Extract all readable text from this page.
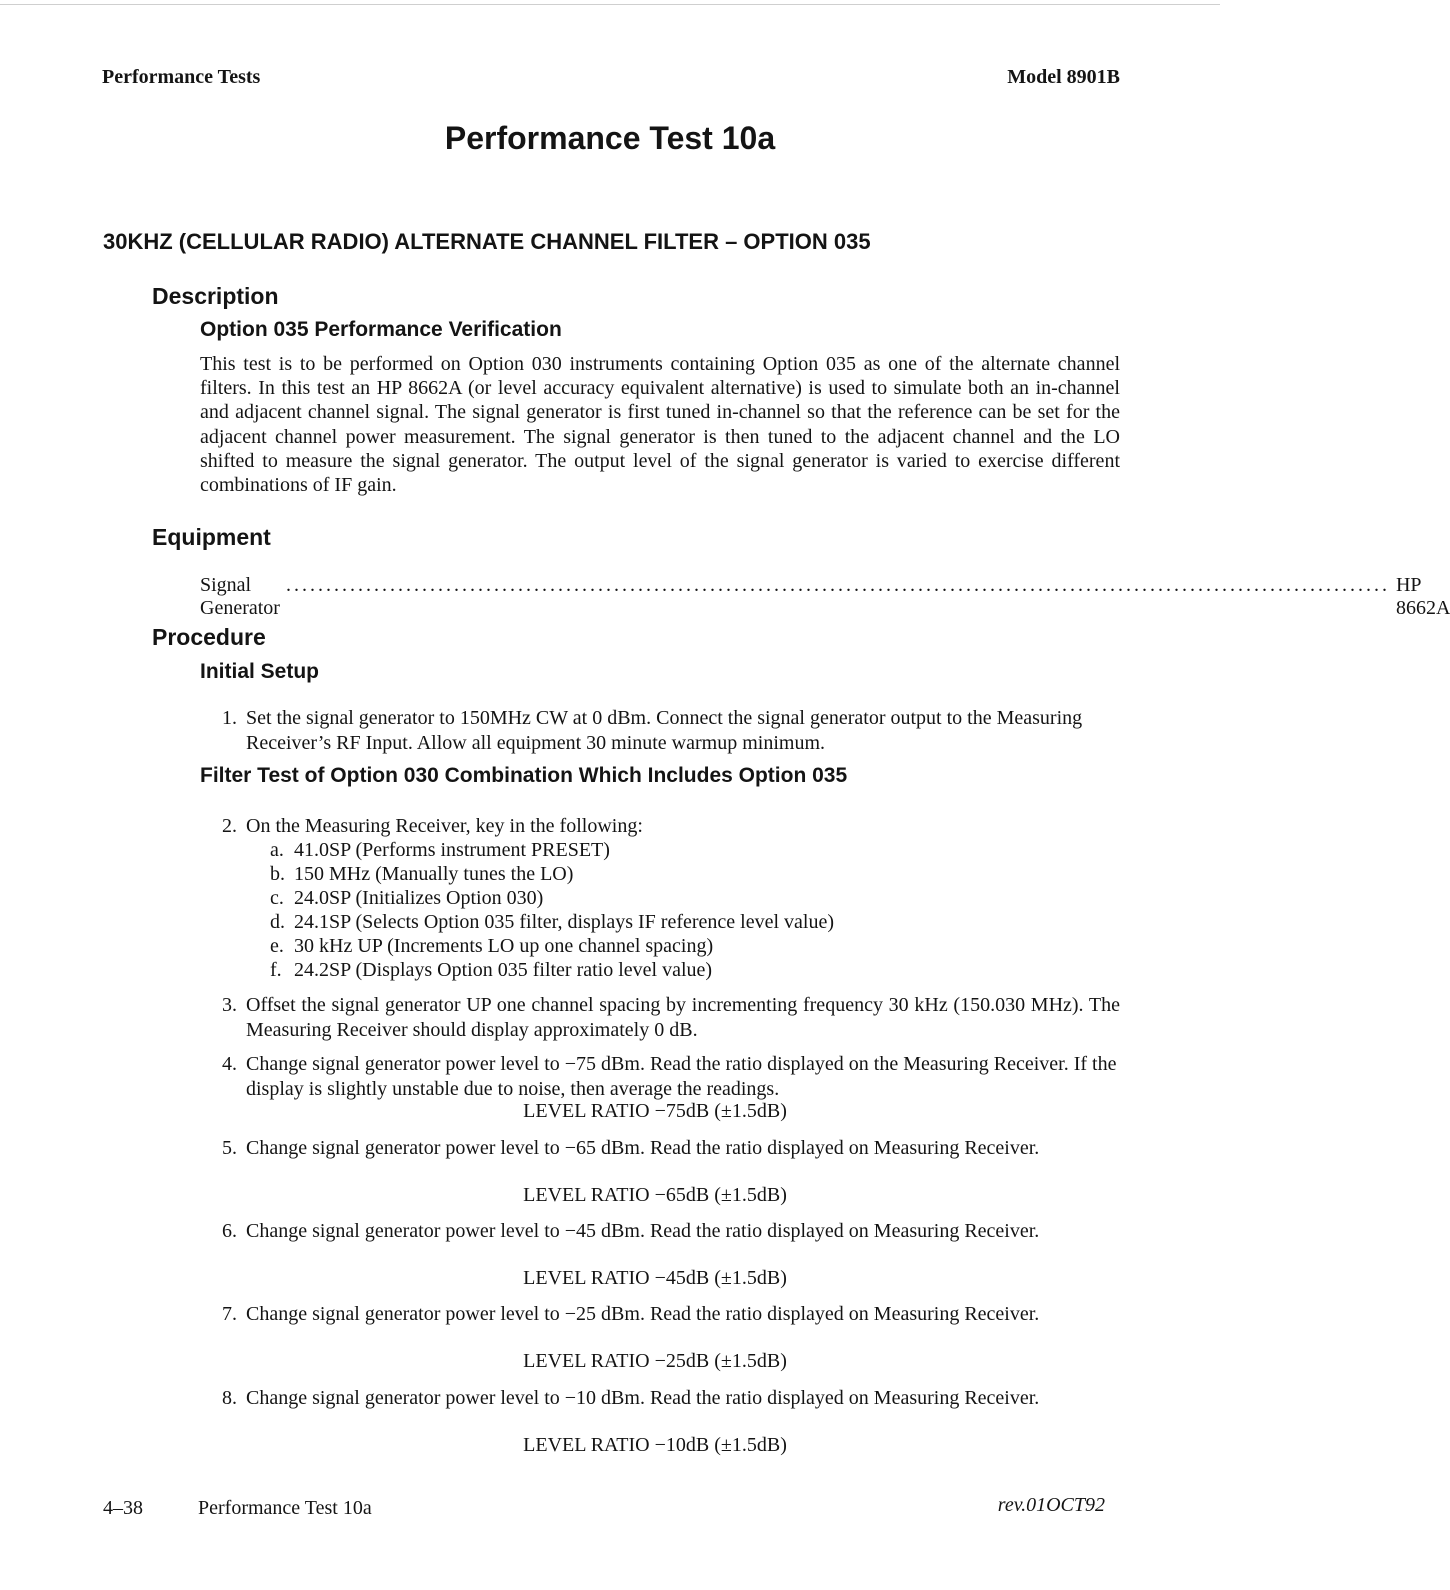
Performance Tests	Model 8901B
Performance Test 10a
30KHZ (CELLULAR RADIO) ALTERNATE CHANNEL FILTER – OPTION 035
Description
Option 035 Performance Verification
This test is to be performed on Option 030 instruments containing Option 035 as one of the alternate channel filters. In this test an HP 8662A (or level accuracy equivalent alternative) is used to simulate both an in-channel and adjacent channel signal. The signal generator is first tuned in-channel so that the reference can be set for the adjacent channel power measurement. The signal generator is then tuned to the adjacent channel and the LO shifted to measure the signal generator. The output level of the signal generator is varied to exercise different combinations of IF gain.
Equipment
Signal Generator
.......................................................................................................................................... HP 8662A
Procedure
Initial Setup
1. Set the signal generator to 150MHz CW at 0 dBm. Connect the signal generator output to the Measuring Receiver’s RF Input. Allow all equipment 30 minute warmup minimum.
Filter Test of Option 030 Combination Which Includes Option 035
2. On the Measuring Receiver, key in the following:
a. 41.0SP (Performs instrument PRESET)
b. 150 MHz (Manually tunes the LO)
c. 24.0SP (Initializes Option 030)
d. 24.1SP (Selects Option 035 filter, displays IF reference level value)
e. 30 kHz UP (Increments LO up one channel spacing)
f. 24.2SP (Displays Option 035 filter ratio level value)
3. Offset the signal generator UP one channel spacing by incrementing frequency 30 kHz (150.030 MHz). The Measuring Receiver should display approximately 0 dB.
4. Change signal generator power level to −75 dBm. Read the ratio displayed on the Measuring Receiver. If the display is slightly unstable due to noise, then average the readings.
LEVEL RATIO −75dB (±1.5dB)
5. Change signal generator power level to −65 dBm. Read the ratio displayed on Measuring Receiver.
LEVEL RATIO −65dB (±1.5dB)
6. Change signal generator power level to −45 dBm. Read the ratio displayed on Measuring Receiver.
LEVEL RATIO −45dB (±1.5dB)
7. Change signal generator power level to −25 dBm. Read the ratio displayed on Measuring Receiver.
LEVEL RATIO −25dB (±1.5dB)
8. Change signal generator power level to −10 dBm. Read the ratio displayed on Measuring Receiver.
LEVEL RATIO −10dB (±1.5dB)
4–38	Performance Test 10a	rev.01OCT92
